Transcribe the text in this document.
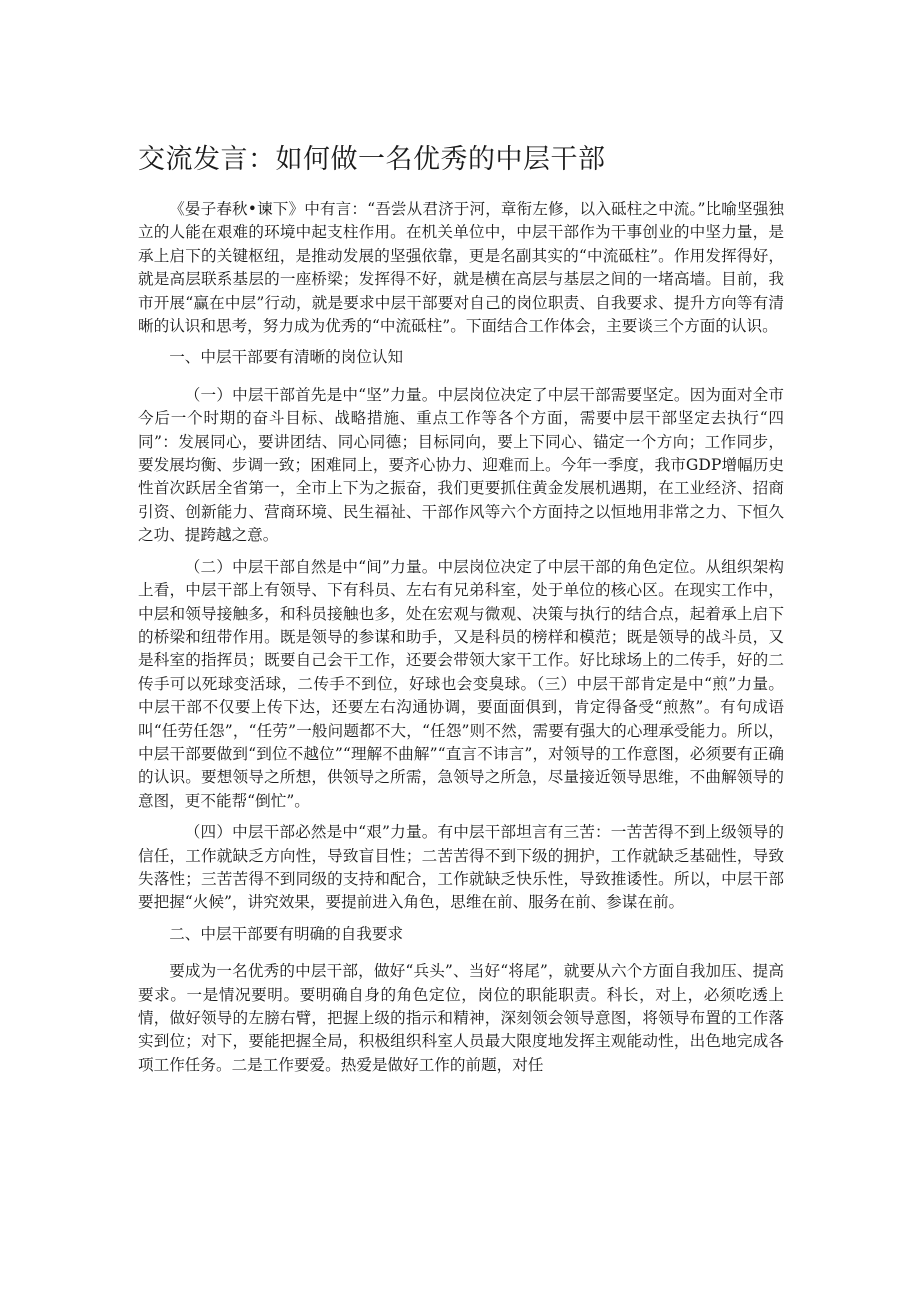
交流发言：如何做一名优秀的中层干部

《晏子春秋•谏下》中有言：“吾尝从君济于河，章衔左修，以入砥柱之中流。”比喻坚强独立的人能在艰难的环境中起支柱作用。在机关单位中，中层干部作为干事创业的中坚力量，是承上启下的关键枢纽，是推动发展的坚强依靠，更是名副其实的“中流砥柱”。作用发挥得好，就是高层联系基层的一座桥梁；发挥得不好，就是横在高层与基层之间的一堵高墙。目前，我市开展“赢在中层”行动，就是要求中层干部要对自己的岗位职责、自我要求、提升方向等有清晰的认识和思考，努力成为优秀的“中流砥柱”。下面结合工作体会，主要谈三个方面的认识。

一、中层干部要有清晰的岗位认知

（一）中层干部首先是中“坚”力量。中层岗位决定了中层干部需要坚定。因为面对全市今后一个时期的奋斗目标、战略措施、重点工作等各个方面，需要中层干部坚定去执行“四同”：发展同心，要讲团结、同心同德；目标同向，要上下同心、锚定一个方向；工作同步，要发展均衡、步调一致；困难同上，要齐心协力、迎难而上。今年一季度，我市GDP增幅历史性首次跃居全省第一，全市上下为之振奋，我们更要抓住黄金发展机遇期，在工业经济、招商引资、创新能力、营商环境、民生福祉、干部作风等六个方面持之以恒地用非常之力、下恒久之功、提跨越之意。

（二）中层干部自然是中“间”力量。中层岗位决定了中层干部的角色定位。从组织架构上看，中层干部上有领导、下有科员、左右有兄弟科室，处于单位的核心区。在现实工作中，中层和领导接触多，和科员接触也多，处在宏观与微观、决策与执行的结合点，起着承上启下的桥梁和纽带作用。既是领导的参谋和助手，又是科员的榜样和模范；既是领导的战斗员，又是科室的指挥员；既要自己会干工作，还要会带领大家干工作。好比球场上的二传手，好的二传手可以死球变活球，二传手不到位，好球也会变臭球。（三）中层干部肯定是中“煎”力量。中层干部不仅要上传下达，还要左右沟通协调，要面面俱到，肯定得备受“煎熬”。有句成语叫“任劳任怨”，“任劳”一般问题都不大，“任怨”则不然，需要有强大的心理承受能力。所以，中层干部要做到“到位不越位”“理解不曲解”“直言不讳言”，对领导的工作意图，必须要有正确的认识。要想领导之所想，供领导之所需，急领导之所急，尽量接近领导思维，不曲解领导的意图，更不能帮“倒忙”。

（四）中层干部必然是中“艰”力量。有中层干部坦言有三苦：一苦苦得不到上级领导的信任，工作就缺乏方向性，导致盲目性；二苦苦得不到下级的拥护，工作就缺乏基础性，导致失落性；三苦苦得不到同级的支持和配合，工作就缺乏快乐性，导致推诿性。所以，中层干部要把握“火候”，讲究效果，要提前进入角色，思维在前、服务在前、参谋在前。

二、中层干部要有明确的自我要求

要成为一名优秀的中层干部，做好“兵头”、当好“将尾”，就要从六个方面自我加压、提高要求。一是情况要明。要明确自身的角色定位，岗位的职能职责。科长，对上，必须吃透上情，做好领导的左膀右臂，把握上级的指示和精神，深刻领会领导意图，将领导布置的工作落实到位；对下，要能把握全局，积极组织科室人员最大限度地发挥主观能动性，出色地完成各项工作任务。二是工作要爱。热爱是做好工作的前题，对任
